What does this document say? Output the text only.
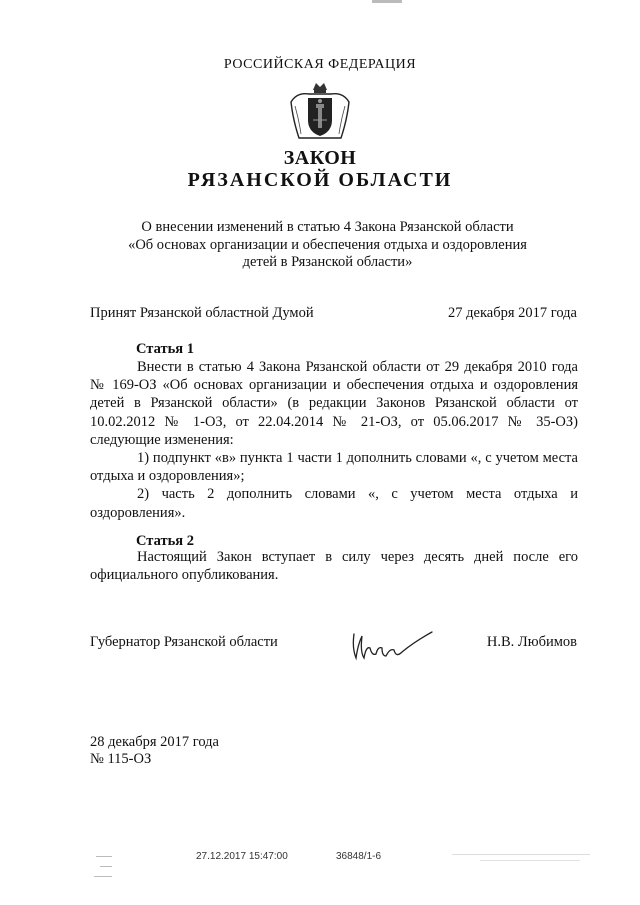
РОССИЙСКАЯ ФЕДЕРАЦИЯ
ЗАКОН
РЯЗАНСКОЙ ОБЛАСТИ
О внесении изменений в статью 4 Закона Рязанской области
«Об основах организации и обеспечения отдыха и оздоровления
детей в Рязанской области»
Принят Рязанской областной Думой	27 декабря 2017 года
Статья 1

Внести в статью 4 Закона Рязанской области от 29 декабря 2010 года № 169-ОЗ «Об основах организации и обеспечения отдыха и оздоровления детей в Рязанской области» (в редакции Законов Рязанской области от 10.02.2012 № 1-ОЗ, от 22.04.2014 № 21-ОЗ, от 05.06.2017 № 35-ОЗ) следующие изменения:

1) подпункт «в» пункта 1 части 1 дополнить словами «, с учетом места отдыха и оздоровления»;

2) часть 2 дополнить словами «, с учетом места отдыха и оздоровления».

Статья 2

Настоящий Закон вступает в силу через десять дней после его официального опубликования.

Губернатор Рязанской области	Н.В. Любимов
28 декабря 2017 года
№ 115-ОЗ
27.12.2017 15:47:00	36848/1-6
